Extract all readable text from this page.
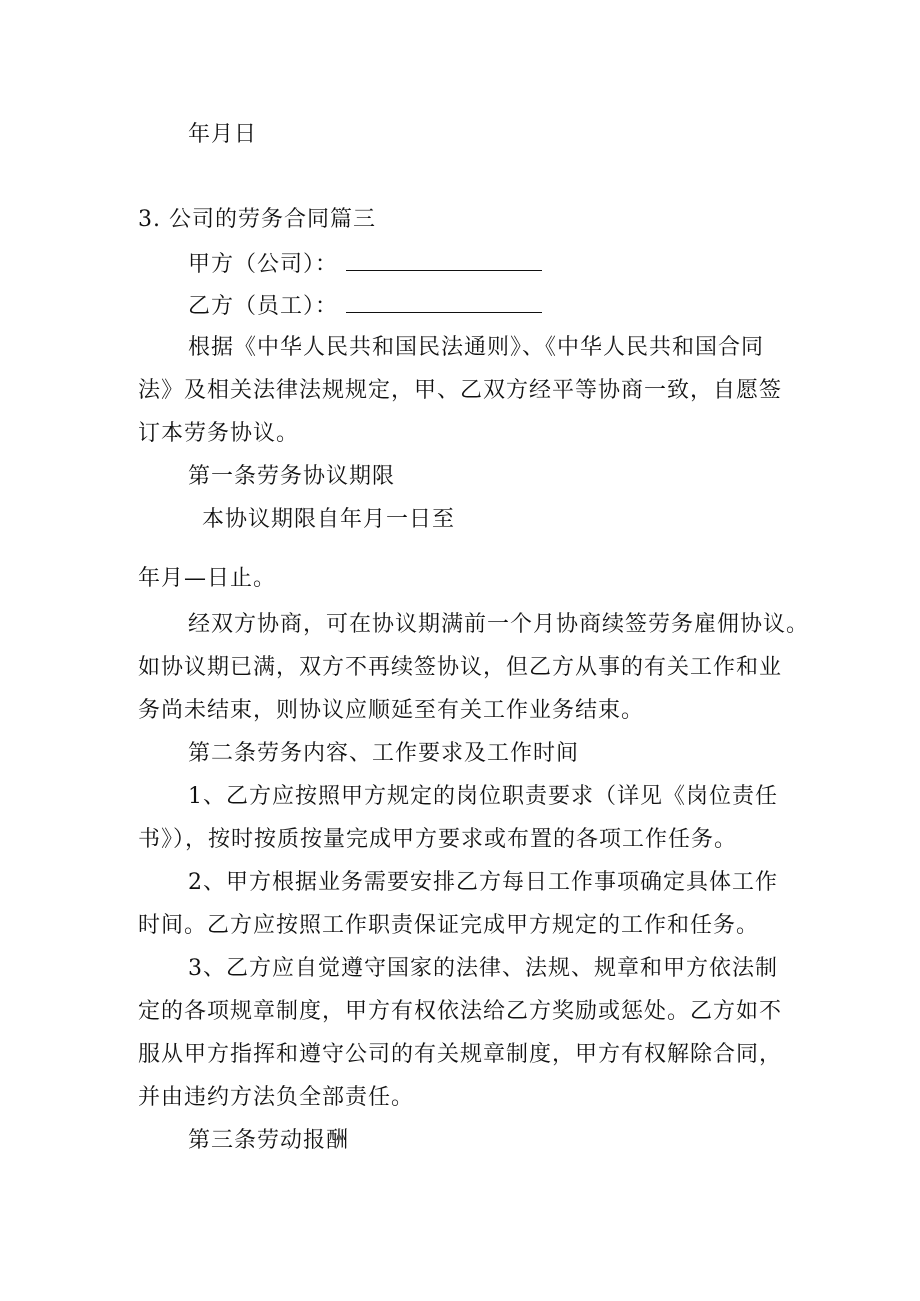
年月日
3. 公司的劳务合同篇三
甲方（公司）：
乙方（员工）：
根据《中华人民共和国民法通则》、《中华人民共和国合同
法》及相关法律法规规定，甲、乙双方经平等协商一致，自愿签
订本劳务协议。
第一条劳务协议期限
本协议期限自年月一日至
年月—日止。
经双方协商，可在协议期满前一个月协商续签劳务雇佣协议。
如协议期已满，双方不再续签协议，但乙方从事的有关工作和业
务尚未结束，则协议应顺延至有关工作业务结束。
第二条劳务内容、工作要求及工作时间
1、乙方应按照甲方规定的岗位职责要求（详见《岗位责任
书》），按时按质按量完成甲方要求或布置的各项工作任务。
2、甲方根据业务需要安排乙方每日工作事项确定具体工作
时间。乙方应按照工作职责保证完成甲方规定的工作和任务。
3、乙方应自觉遵守国家的法律、法规、规章和甲方依法制
定的各项规章制度，甲方有权依法给乙方奖励或惩处。乙方如不
服从甲方指挥和遵守公司的有关规章制度，甲方有权解除合同，
并由违约方法负全部责任。
第三条劳动报酬
